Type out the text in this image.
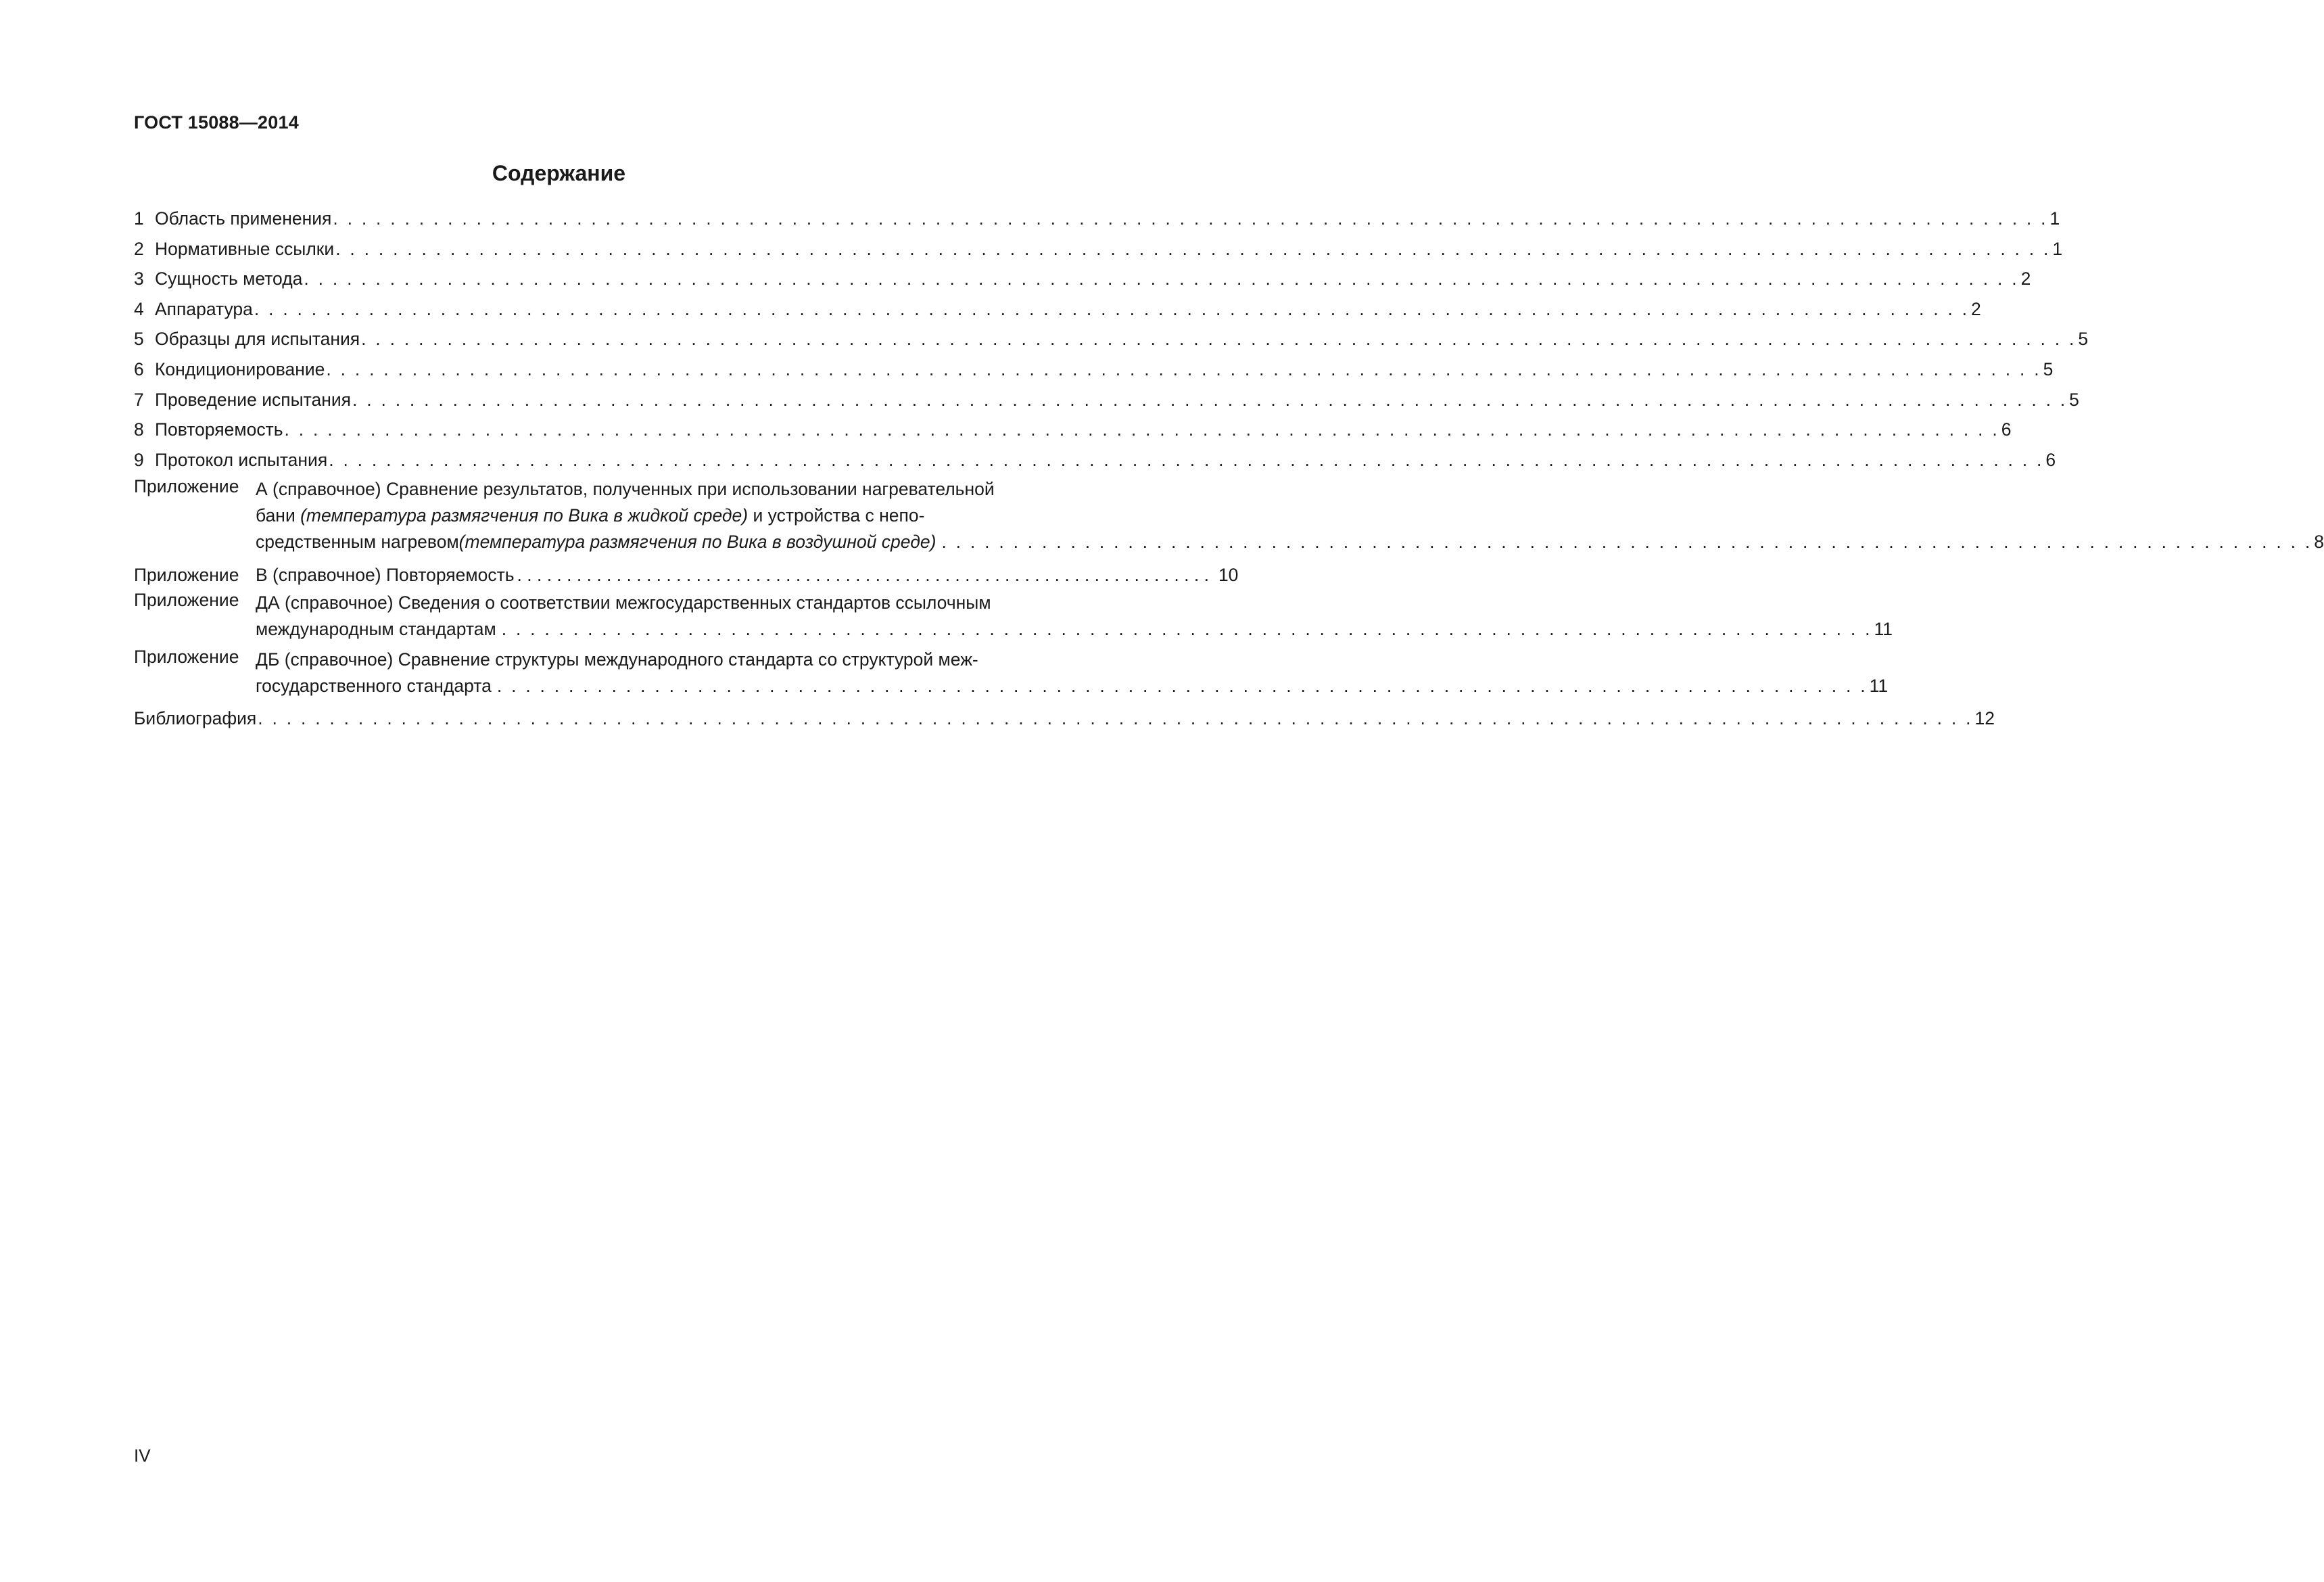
ГОСТ 15088—2014
Содержание
1 Область применения . . .	1
2 Нормативные ссылки . . .	1
3 Сущность метода . . .	2
4 Аппаратура . . .	2
5 Образцы для испытания . . .	5
6 Кондиционирование . . .	5
7 Проведение испытания . . .	5
8 Повторяемость . . .	6
9 Протокол испытания . . .	6
Приложение А (справочное) Сравнение результатов, полученных при использовании нагревательной
бани (температура размягчения по Вика в жидкой среде) и устройства с непо-
средственным нагревом (температура размягчения по Вика в воздушной среде) . . .	8
Приложение В (справочное) Повторяемость . . . . . . . . . . . . . . . . . . . . . . . . . . . . . . . . . . . . . . . . . . . . . . . . . . . . . . . . . . . . . . . . . . . . . . 10
Приложение ДА (справочное) Сведения о соответствии межгосударственных стандартов ссылочным
международным стандартам . . .	11
Приложение ДБ (справочное) Сравнение структуры международного стандарта со структурой меж-
государственного стандарта . . .	11
Библиография . . .	12
IV
